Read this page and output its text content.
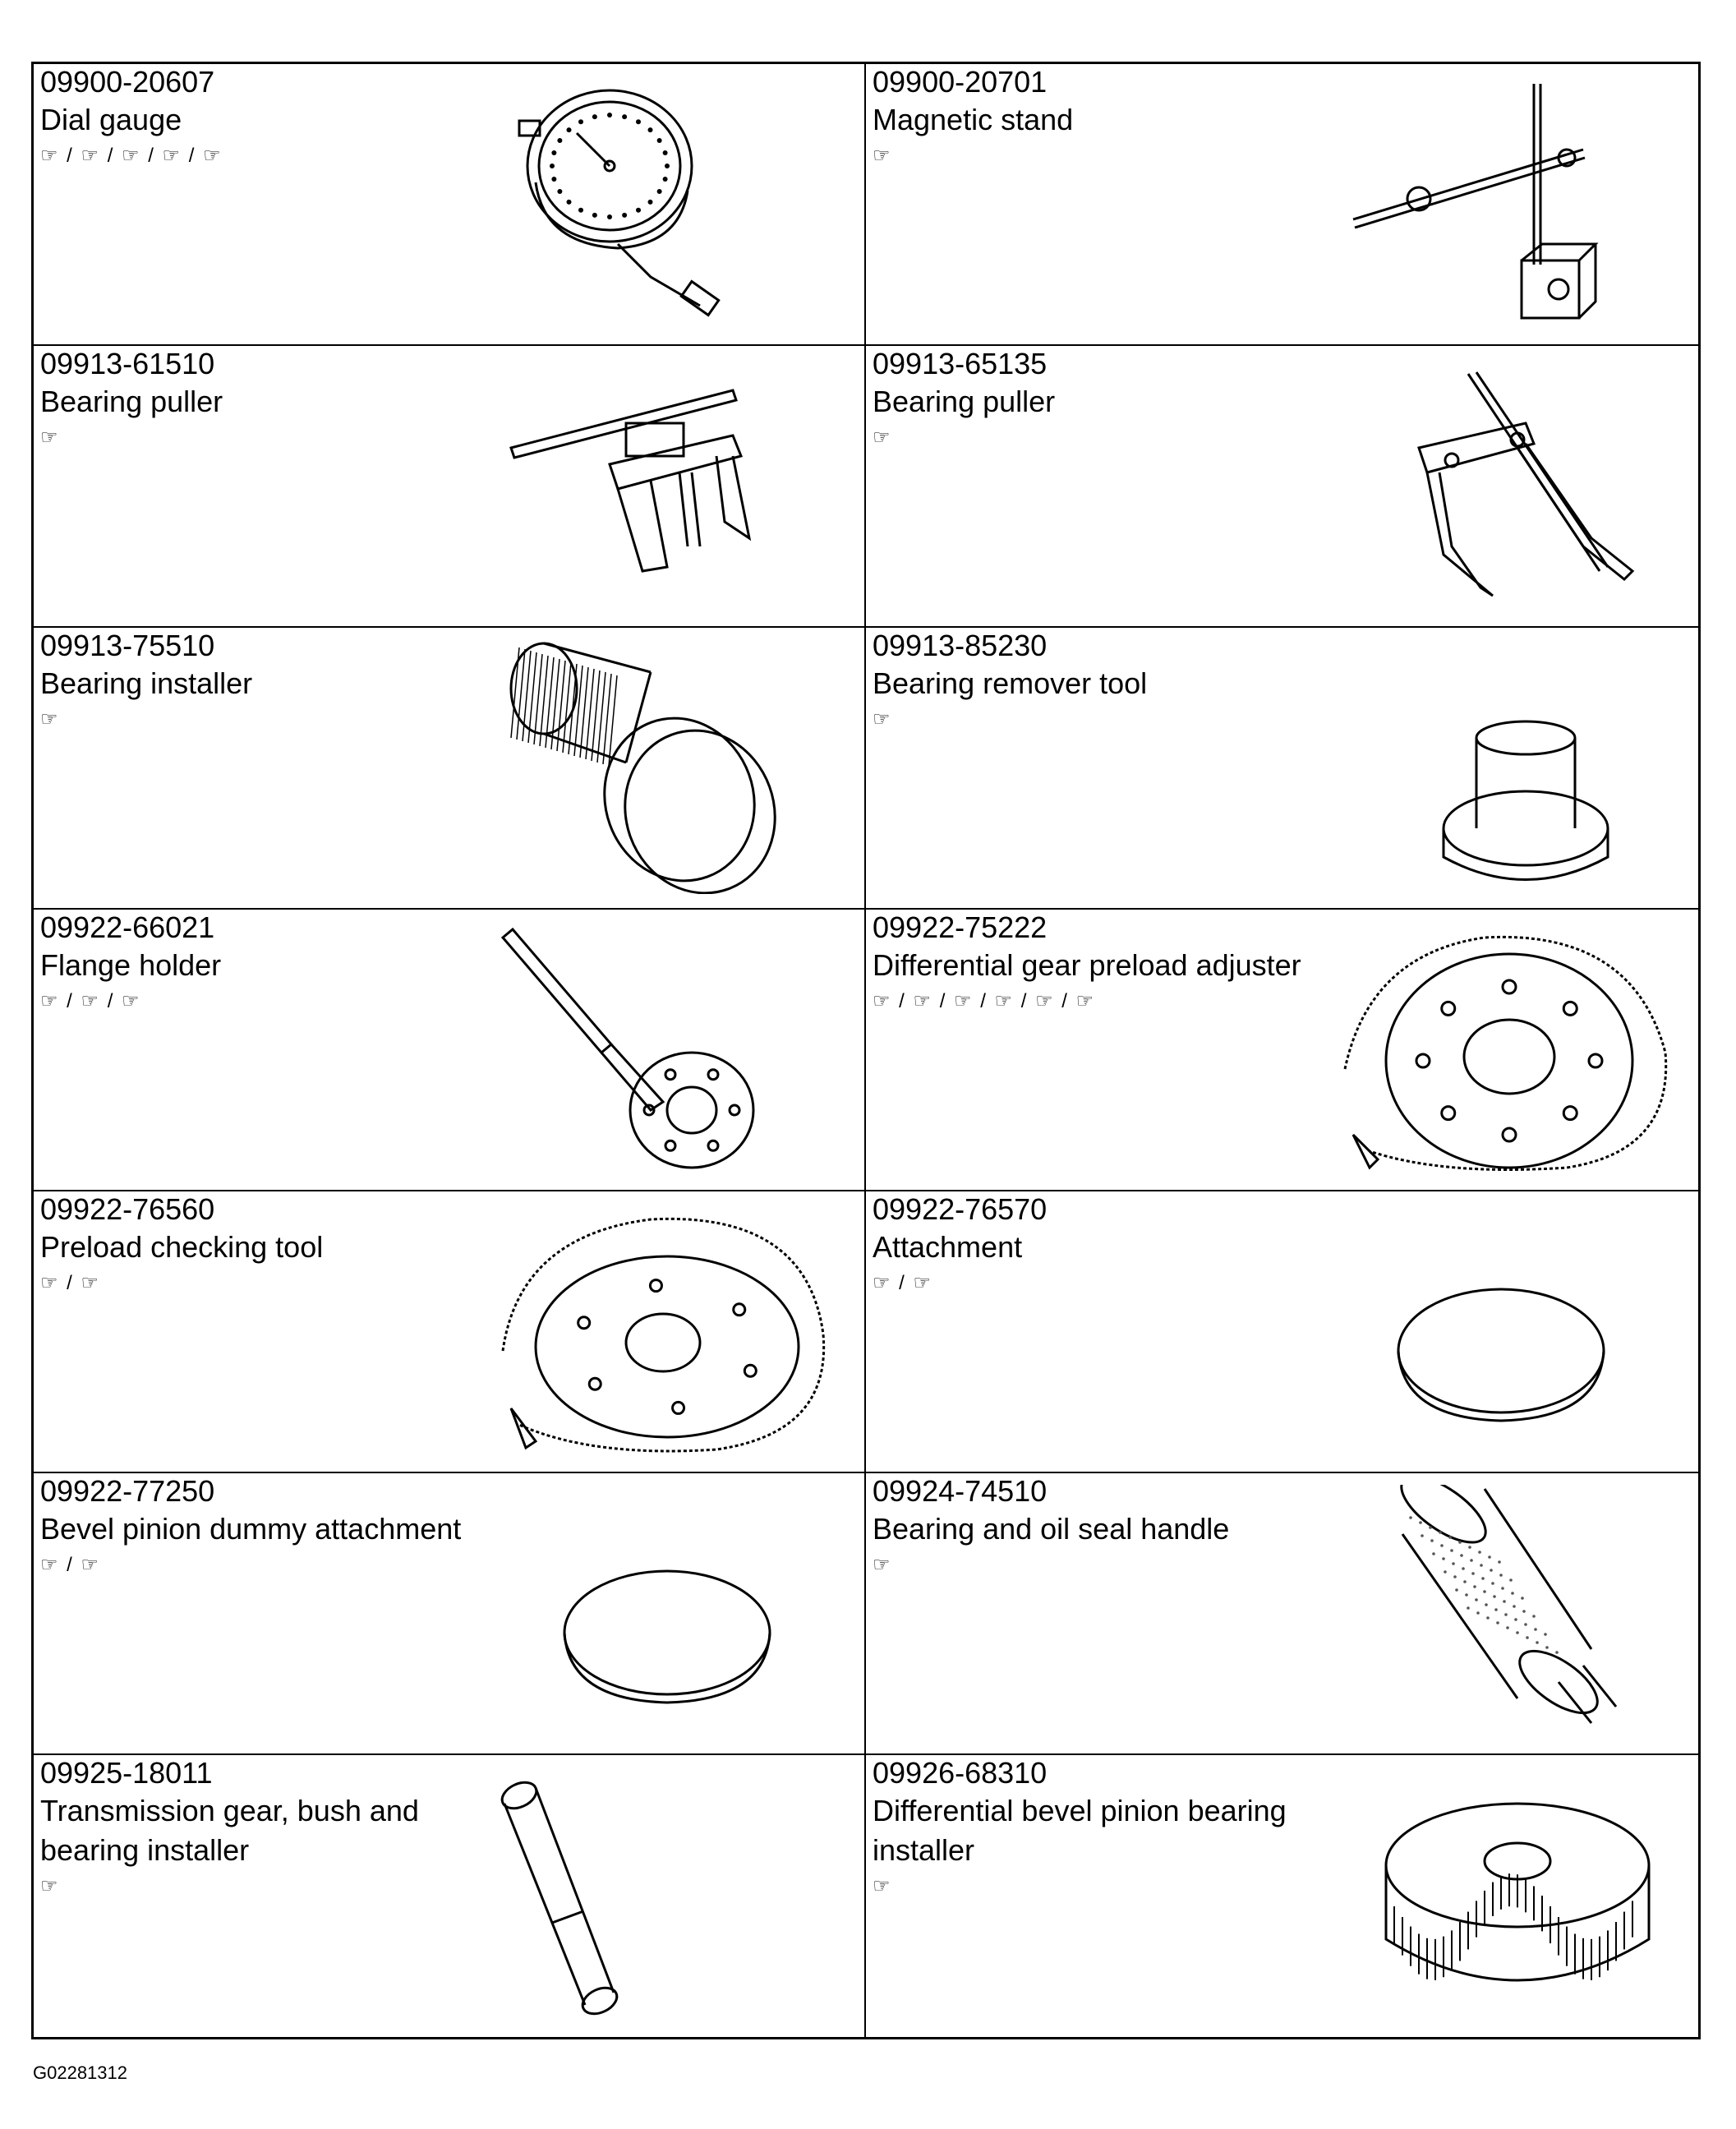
09900-20607
Dial gauge
☞ / ☞ / ☞ / ☞ / ☞
09900-20701
Magnetic stand
☞
09913-61510
Bearing puller
☞
09913-65135
Bearing puller
☞
09913-75510
Bearing installer
☞
09913-85230
Bearing remover tool
☞
09922-66021
Flange holder
☞ / ☞ / ☞
09922-75222
Differential gear preload adjuster
☞ / ☞ / ☞ / ☞ / ☞ / ☞
09922-76560
Preload checking tool
☞ / ☞
09922-76570
Attachment
☞ / ☞
09922-77250
Bevel pinion dummy attachment
☞ / ☞
09924-74510
Bearing and oil seal handle
☞
09925-18011
Transmission gear, bush and bearing installer
☞
09926-68310
Differential bevel pinion bearing installer
☞
G02281312
